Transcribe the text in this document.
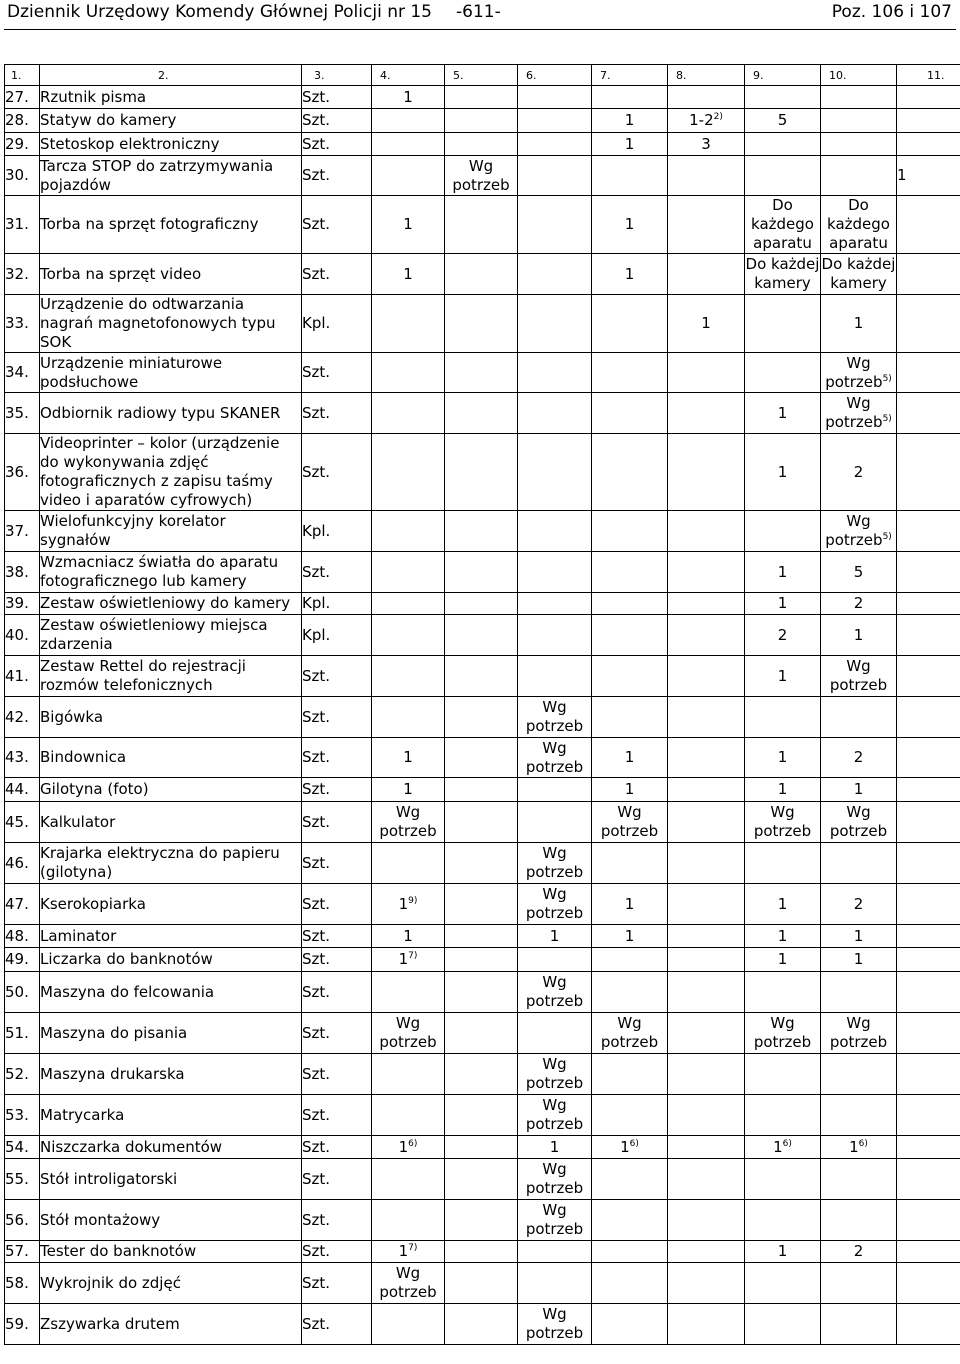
Dziennik Urzędowy Komendy Głównej Policji nr 15 -611-	Poz. 106 i 107
1.	2.	3.	4.	5.	6.	7.	8.	9.	10.	11.
27.	Rzutnik pisma	Szt.	1							
28.	Statyw do kamery	Szt.				1	1-2$^{2)}$	5		
29.	Stetoskop elektroniczny	Szt.				1	3			
30.	Tarcza STOP do zatrzymywania pojazdów	Szt.		Wg potrzeb						1
31.	Torba na sprzęt fotograficzny	Szt.	1			1		Do każdego aparatu	Do każdego aparatu	
32.	Torba na sprzęt video	Szt.	1			1		Do każdej kamery	Do każdej kamery	
33.	Urządzenie do odtwarzania nagrań magnetofonowych typu SOK	Kpl.					1		1	
34.	Urządzenie miniaturowe podsłuchowe	Szt.							Wg potrzeb$^{5)}$	
35.	Odbiornik radiowy typu SKANER	Szt.						1	Wg potrzeb$^{5)}$	
36.	Videoprinter – kolor (urządzenie do wykonywania zdjęć fotograficznych z zapisu taśmy video i aparatów cyfrowych)	Szt.						1	2	
37.	Wielofunkcyjny korelator sygnałów	Kpl.							Wg potrzeb$^{5)}$	
38.	Wzmacniacz światła do aparatu fotograficznego lub kamery	Szt.						1	5	
39.	Zestaw oświetleniowy do kamery	Kpl.						1	2	
40.	Zestaw oświetleniowy miejsca zdarzenia	Kpl.						2	1	
41.	Zestaw Rettel do rejestracji rozmów telefonicznych	Szt.						1	Wg potrzeb	
42.	Bigówka	Szt.			Wg potrzeb					
43.	Bindownica	Szt.	1		Wg potrzeb	1		1	2	
44.	Gilotyna (foto)	Szt.	1			1		1	1	
45.	Kalkulator	Szt.	Wg potrzeb			Wg potrzeb		Wg potrzeb	Wg potrzeb	
46.	Krajarka elektryczna do papieru (gilotyna)	Szt.			Wg potrzeb					
47.	Kserokopiarka	Szt.	1$^{9)}$		Wg potrzeb	1		1	2	
48.	Laminator	Szt.	1		1	1		1	1	
49.	Liczarka do banknotów	Szt.	1$^{7)}$					1	1	
50.	Maszyna do felcowania	Szt.			Wg potrzeb					
51.	Maszyna do pisania	Szt.	Wg potrzeb			Wg potrzeb		Wg potrzeb	Wg potrzeb	
52.	Maszyna drukarska	Szt.			Wg potrzeb					
53.	Matrycarka	Szt.			Wg potrzeb					
54.	Niszczarka dokumentów	Szt.	1$^{6)}$		1	1$^{6)}$		1$^{6)}$	1$^{6)}$	
55.	Stół introligatorski	Szt.			Wg potrzeb					
56.	Stół montażowy	Szt.			Wg potrzeb					
57.	Tester do banknotów	Szt.	1$^{7)}$					1	2	
58.	Wykrojnik do zdjęć	Szt.	Wg potrzeb							
59.	Zszywarka drutem	Szt.			Wg potrzeb					
